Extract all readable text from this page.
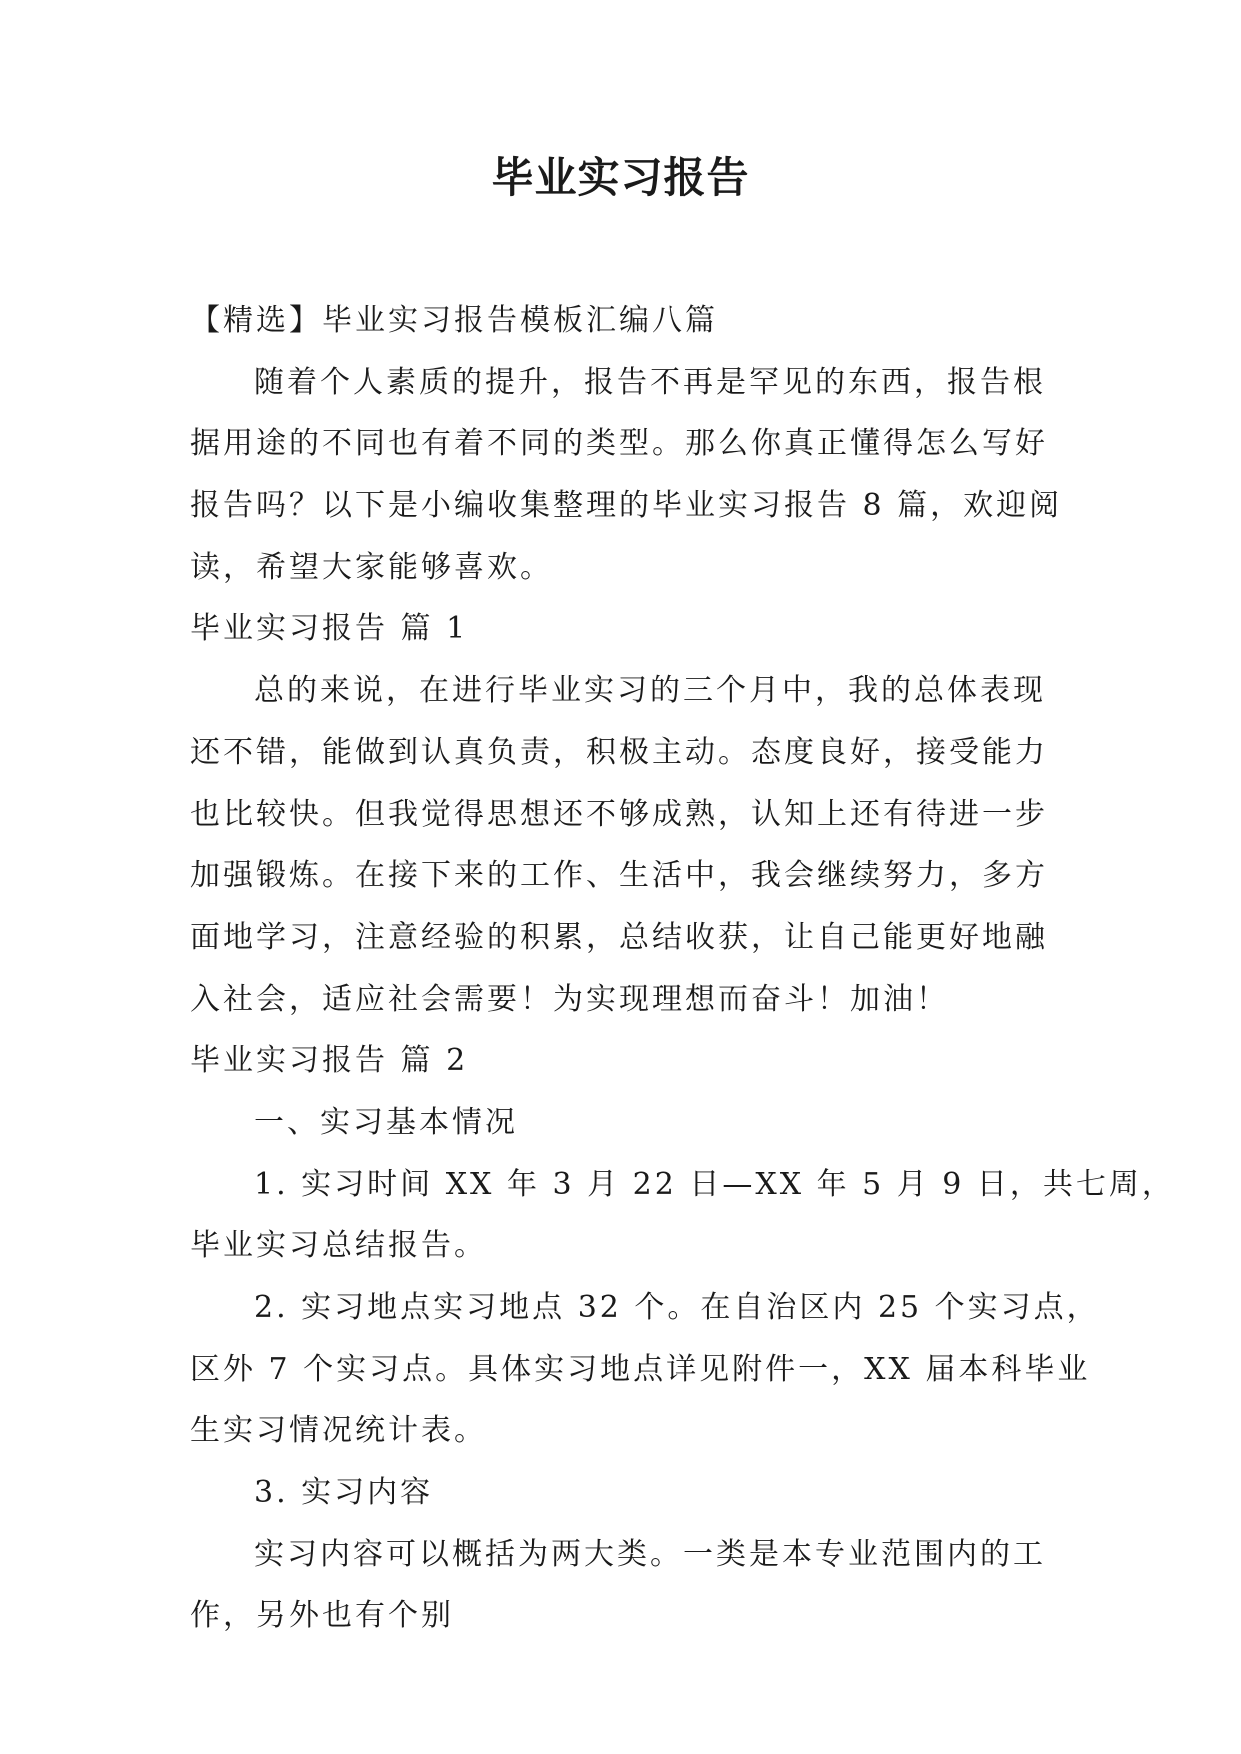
毕业实习报告

【精选】毕业实习报告模板汇编八篇

随着个人素质的提升，报告不再是罕见的东西，报告根

据用途的不同也有着不同的类型。那么你真正懂得怎么写好

报告吗？以下是小编收集整理的毕业实习报告 8 篇，欢迎阅

读，希望大家能够喜欢。

毕业实习报告 篇 1

总的来说，在进行毕业实习的三个月中，我的总体表现

还不错，能做到认真负责，积极主动。态度良好，接受能力

也比较快。但我觉得思想还不够成熟，认知上还有待进一步

加强锻炼。在接下来的工作、生活中，我会继续努力，多方

面地学习，注意经验的积累，总结收获，让自己能更好地融

入社会，适应社会需要！为实现理想而奋斗！加油！

毕业实习报告 篇 2

一、实习基本情况

1. 实习时间 XX 年 3 月 22 日—XX 年 5 月 9 日，共七周，

毕业实习总结报告。

2. 实习地点实习地点 32 个。在自治区内 25 个实习点，

区外 7 个实习点。具体实习地点详见附件一，XX 届本科毕业

生实习情况统计表。

3. 实习内容

实习内容可以概括为两大类。一类是本专业范围内的工

作，另外也有个别
